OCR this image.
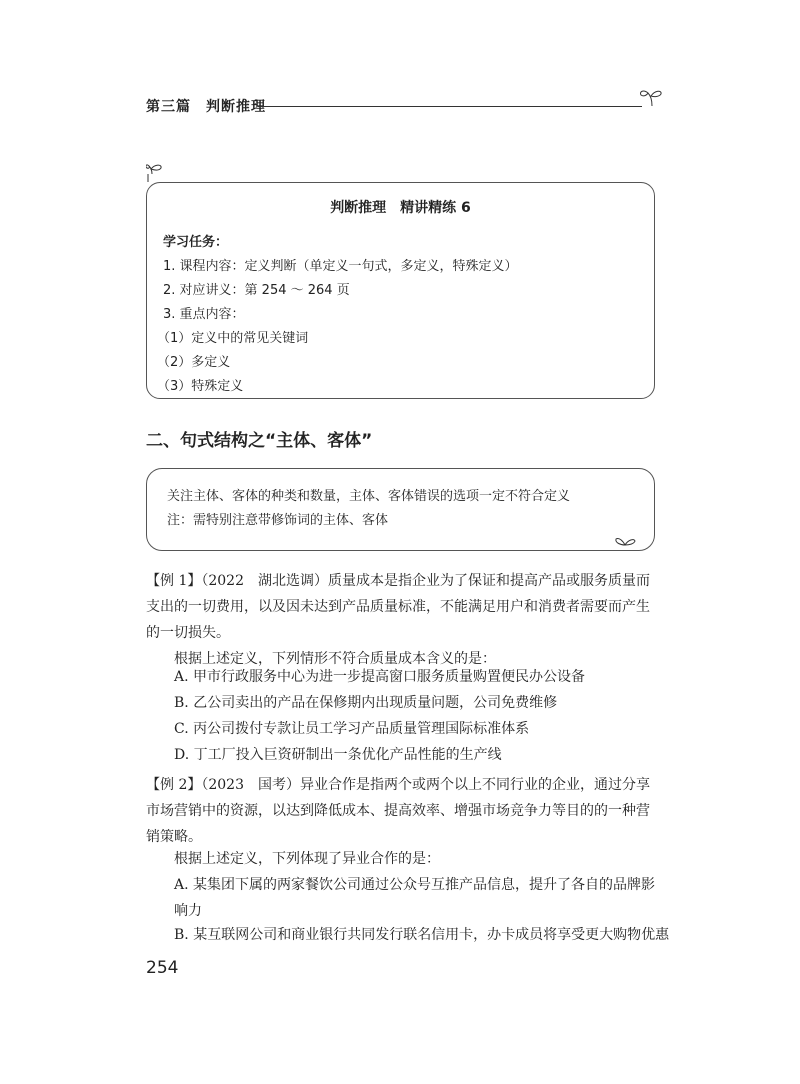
第三篇　判断推理
判断推理　精讲精练 6
学习任务：
1. 课程内容：定义判断（单定义一句式，多定义，特殊定义）
2. 对应讲义：第 254 ～ 264 页
3. 重点内容：
（1）定义中的常见关键词
（2）多定义
（3）特殊定义
二、句式结构之“主体、客体”
关注主体、客体的种类和数量，主体、客体错误的选项一定不符合定义
注：需特别注意带修饰词的主体、客体
【例 1】（2022　湖北选调）质量成本是指企业为了保证和提高产品或服务质量而支出的一切费用，以及因未达到产品质量标准，不能满足用户和消费者需要而产生的一切损失。
根据上述定义，下列情形不符合质量成本含义的是：
A. 甲市行政服务中心为进一步提高窗口服务质量购置便民办公设备
B. 乙公司卖出的产品在保修期内出现质量问题，公司免费维修
C. 丙公司拨付专款让员工学习产品质量管理国际标准体系
D. 丁工厂投入巨资研制出一条优化产品性能的生产线
【例 2】（2023　国考）异业合作是指两个或两个以上不同行业的企业，通过分享市场营销中的资源，以达到降低成本、提高效率、增强市场竞争力等目的的一种营销策略。
根据上述定义，下列体现了异业合作的是：
A. 某集团下属的两家餐饮公司通过公众号互推产品信息，提升了各自的品牌影响力
B. 某互联网公司和商业银行共同发行联名信用卡，办卡成员将享受更大购物优惠
254
